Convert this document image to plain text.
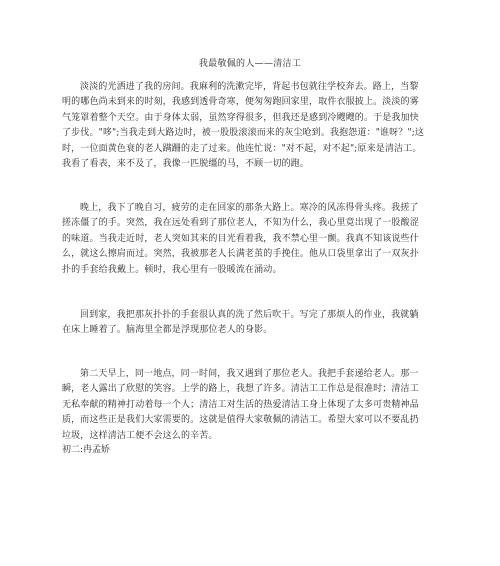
我最敬佩的人——清洁工
淡淡的光洒进了我的房间。我麻利的洗漱完毕，背起书包就往学校奔去。路上，当黎
明的哪色尚未到来的时刻，我感到透骨奇寒，便匆匆跑回家里，取件衣服披上。淡淡的雾
气笼罩着整个天空。由于身体太弱，虽然穿得很多，但我还是感到冷飕飕的。于是我加快
了步伐。"哆";当我走到大路边时，被一股股滚滚而来的灰尘呛到。我抱怨道："谁呀？";这
时，一位面黄色衰的老人蹒跚的走了过来。他连忙说："对不起，对不起";原来是清洁工。
我看了看表，来不及了，我像一匹脱缰的马，不顾一切的跑。
晚上，我下了晚自习，疲劳的走在回家的那条大路上。寒冷的风冻得骨头疼。我搓了
搓冻僵了的手。突然，我在远处看到了那位老人，不知为什么，我心里竟出现了一股酸涩
的味道。当我走近时，老人突如其来的目光看着我，我不禁心里一颤。我真不知该说些什
么，就这么擦肩而过。突然，我被那老人长满老茧的手挽住。他从口袋里拿出了一双灰扑
扑的手套给我戴上。顿时，我心里有一股暖流在涌动。
回到家，我把那灰扑扑的手套很认真的洗了然后吹干。写完了那烦人的作业，我就躺
在床上睡着了。脑海里全都是浮现那位老人的身影。
第二天早上，同一地点，同一时间，我又遇到了那位老人。我把手套递给老人。那一
瞬，老人露出了欣慰的笑容。上学的路上，我想了许多。清洁工工作总是很准时；清洁工
无私奉献的精神打动着每一个人；清洁工对生活的热爱清洁工身上体现了太多可贵精神品
质，而这些正是我们大家需要的。这就是值得大家敬佩的清洁工。希望大家可以不要乱扔
垃圾，这样清洁工便不会这么的辛苦。
初二:冉孟娇
